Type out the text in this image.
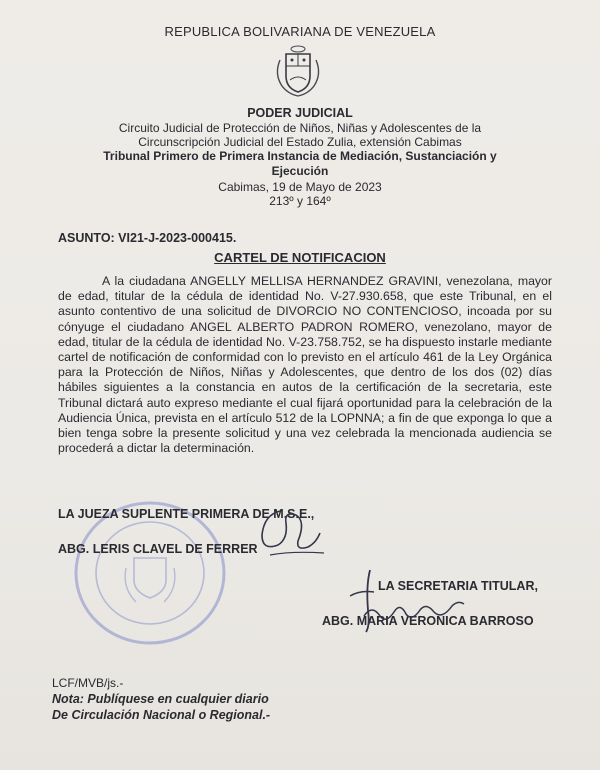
REPUBLICA BOLIVARIANA DE VENEZUELA
PODER JUDICIAL
Circuito Judicial de Protección de Niños, Niñas y Adolescentes de la
Circunscripción Judicial del Estado Zulia, extensión Cabimas
Tribunal Primero de Primera Instancia de Mediación, Sustanciación y
Ejecución
Cabimas, 19 de Mayo de 2023
213º y 164º
ASUNTO: VI21-J-2023-000415.
CARTEL DE NOTIFICACION
A la ciudadana ANGELLY MELLISA HERNANDEZ GRAVINI, venezolana, mayor de edad, titular de la cédula de identidad No. V-27.930.658, que este Tribunal, en el asunto contentivo de una solicitud de DIVORCIO NO CONTENCIOSO, incoada por su cónyuge el ciudadano ANGEL ALBERTO PADRON ROMERO, venezolano, mayor de edad, titular de la cédula de identidad No. V-23.758.752, se ha dispuesto instarle mediante cartel de notificación de conformidad con lo previsto en el artículo 461 de la Ley Orgánica para la Protección de Niños, Niñas y Adolescentes, que dentro de los dos (02) días hábiles siguientes a la constancia en autos de la certificación de la secretaria, este Tribunal dictará auto expreso mediante el cual fijará oportunidad para la celebración de la Audiencia Única, prevista en el artículo 512 de la LOPNNA; a fin de que exponga lo que a bien tenga sobre la presente solicitud y una vez celebrada la mencionada audiencia se procederá a dictar la determinación.
LA JUEZA SUPLENTE PRIMERA DE M.S.E.,
ABG. LERIS CLAVEL DE FERRER
LA SECRETARIA TITULAR,
ABG. MARIA VERONICA BARROSO
LCF/MVB/js.-
Nota: Publíquese en cualquier diario
De Circulación Nacional o Regional.-
